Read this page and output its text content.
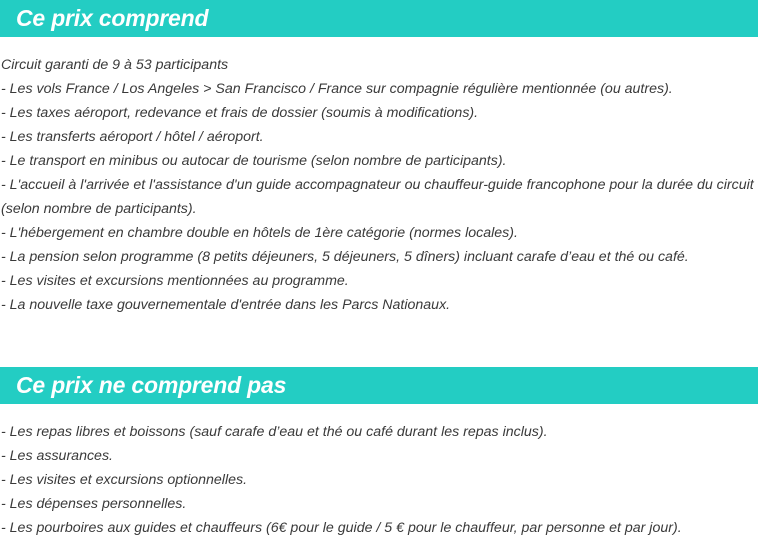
Ce prix comprend
Circuit garanti de 9 à 53 participants
- Les vols France / Los Angeles > San Francisco / France sur compagnie régulière mentionnée (ou autres).
- Les taxes aéroport, redevance et frais de dossier (soumis à modifications).
- Les transferts aéroport / hôtel / aéroport.
- Le transport en minibus ou autocar de tourisme (selon nombre de participants).
- L'accueil à l'arrivée et l'assistance d'un guide accompagnateur ou chauffeur-guide francophone pour la durée du circuit (selon nombre de participants).
- L'hébergement en chambre double en hôtels de 1ère catégorie (normes locales).
- La pension selon programme (8 petits déjeuners, 5 déjeuners, 5 dîners) incluant carafe d’eau et thé ou café.
- Les visites et excursions mentionnées au programme.
- La nouvelle taxe gouvernementale d'entrée dans les Parcs Nationaux.
Ce prix ne comprend pas
- Les repas libres et boissons (sauf carafe d’eau et thé ou café durant les repas inclus).
- Les assurances.
- Les visites et excursions optionnelles.
- Les dépenses personnelles.
- Les pourboires aux guides et chauffeurs (6€ pour le guide / 5 € pour le chauffeur, par personne et par jour).
